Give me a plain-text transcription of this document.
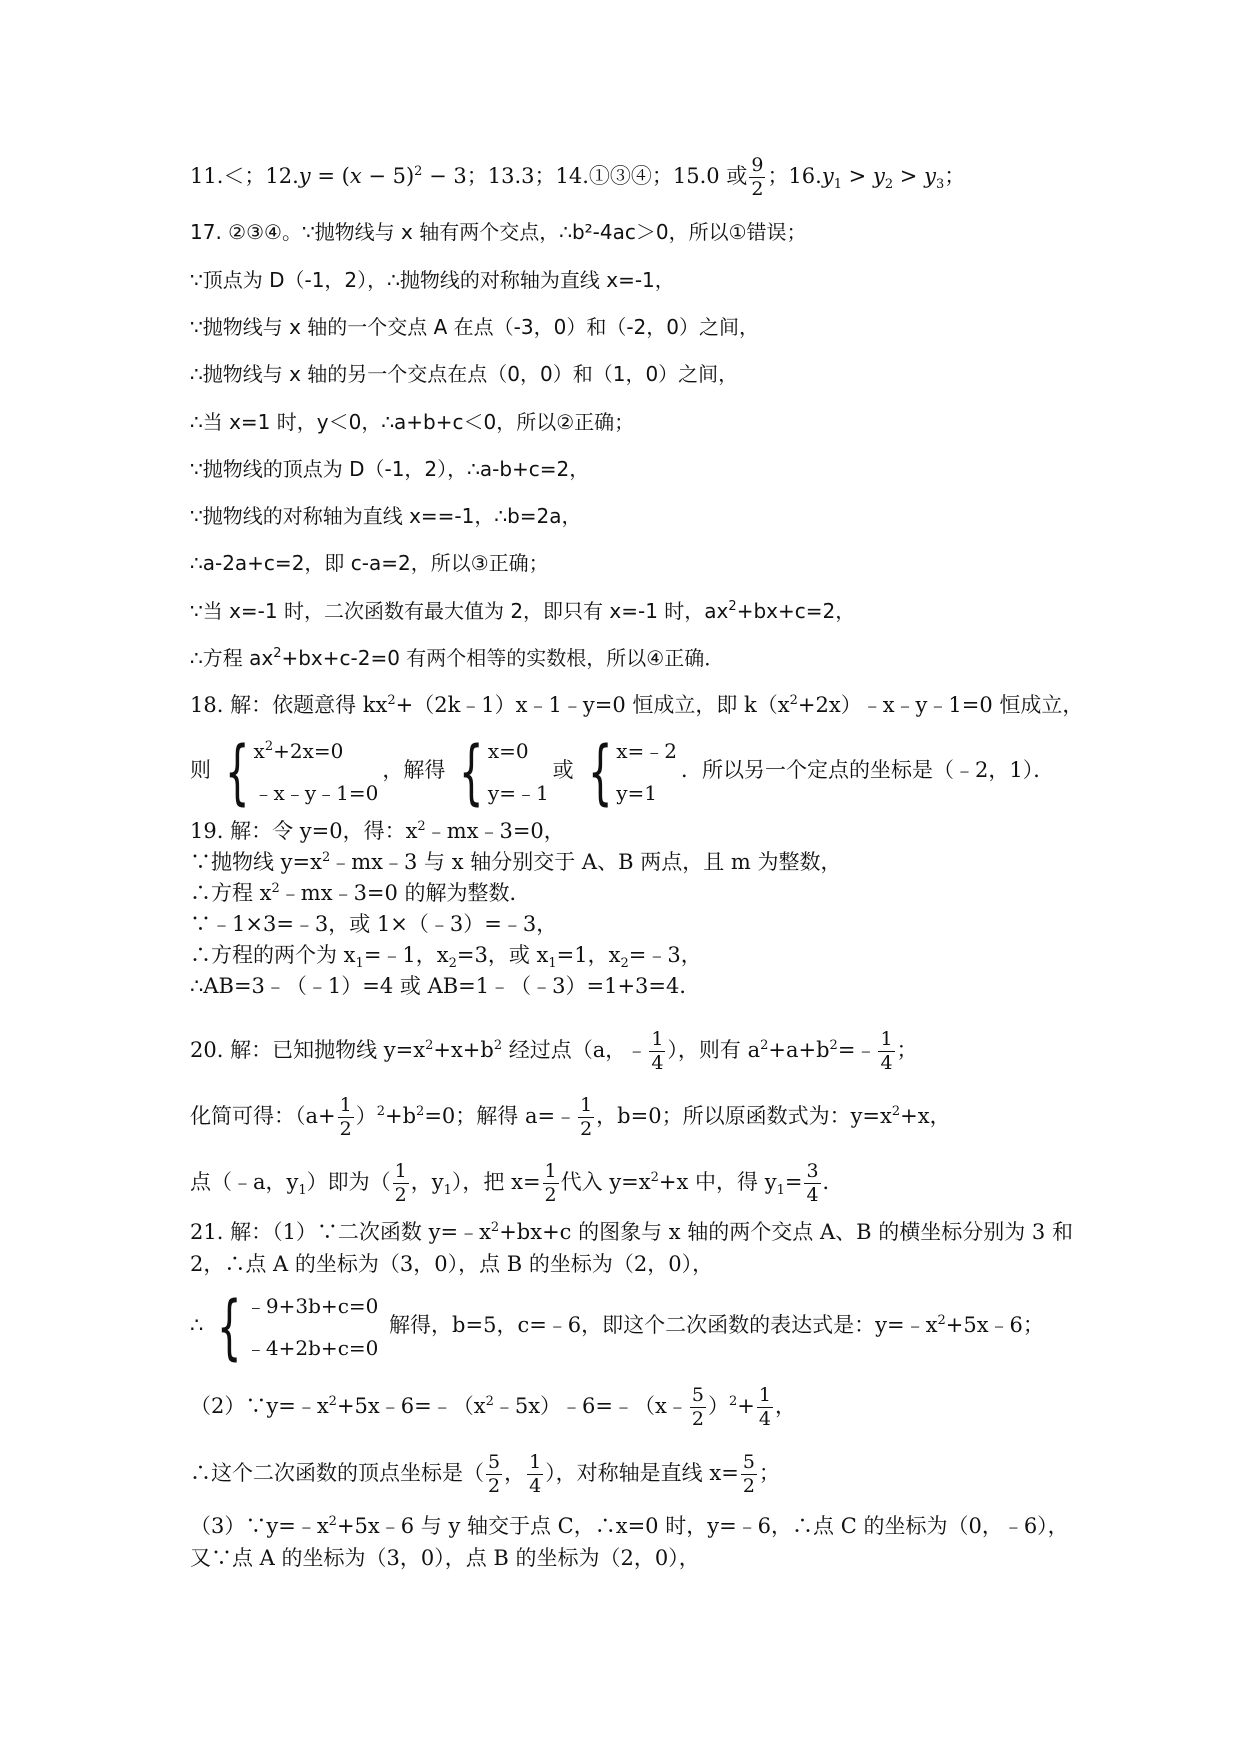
11.＜；$12.y = (x - 5)^2 - 3$；13.3；14.①③④；15.0 或 $\frac{9}{2}$ ；$16.y_1 > y_2 > y_3$；
17. ②③④。∵抛物线与 x 轴有两个交点，∴b²-4ac＞0，所以①错误；
∵顶点为 D（-1，2），∴抛物线的对称轴为直线 x=-1，
∵抛物线与 x 轴的一个交点 A 在点（-3，0）和（-2，0）之间，
∴抛物线与 x 轴的另一个交点在点（0，0）和（1，0）之间，
∴当 x=1 时，y＜0，∴a+b+c＜0，所以②正确；
∵抛物线的顶点为 D（-1，2），∴a-b+c=2，
∵抛物线的对称轴为直线 x==-1，∴b=2a，
∴a-2a+c=2，即 c-a=2，所以③正确；
∵当 x=-1 时，二次函数有最大值为 2，即只有 x=-1 时，$ax^2+bx+c=2$，
∴方程 $ax^2+bx+c-2=0$ 有两个相等的实数根，所以④正确．
18. 解：依题意得 $kx^2+(2k﹣1)x﹣1﹣y=0$ 恒成立，即 $k(x^2+2x)﹣x﹣y﹣1=0$ 恒成立，
则 { $x^2+2x=0$
﹣x﹣y﹣1=0
，解得 { x=0
y=﹣1
或 { x=﹣2
y=1
．所以另一个定点的坐标是（﹣2，1）．
19. 解：令 y=0，得：$x^2﹣mx﹣3=0$，
∵抛物线 $y=x^2﹣mx﹣3$ 与 x 轴分别交于 A、B 两点，且 m 为整数，
∴方程 $x^2﹣mx﹣3=0$ 的解为整数．
∵﹣1×3=﹣3，或 1×（﹣3）=﹣3，
∴方程的两个为 $x_1=﹣1$，$x_2=3$，或 $x_1=1$，$x_2=﹣3$，
∴AB=3﹣（﹣1）=4 或 AB=1﹣（﹣3）=1+3=4．
20. 解：已知抛物线 $y=x^2+x+b^2$ 经过点（a，﹣ $\frac{1}{4}$ ），则有 $a^2+a+b^2=﹣ \frac{1}{4}$ ；
化简可得：$(a+ \frac{1}{2} )^2+b^2=0$；解得 a=﹣ $\frac{1}{2}$ ，b=0；所以原函数式为：$y=x^2+x$，
点（﹣a，$y_1$）即为（ $\frac{1}{2}$ ，$y_1$），把 $x= \frac{1}{2}$ 代入 $y=x^2+x$ 中，得 $y_1= \frac{3}{4}$ ．
21. 解：（1）∵二次函数 $y=﹣x^2+bx+c$ 的图象与 x 轴的两个交点 A、B 的横坐标分别为 3 和
2，∴点 A 的坐标为（3，0），点 B 的坐标为（2，0），
∴ { ﹣9+3b+c=0
﹣4+2b+c=0
解得，b=5，c=﹣6，即这个二次函数的表达式是：$y=﹣x^2+5x﹣6$；
$(2)\because y=﹣x^2+5x﹣6=﹣(x^2﹣5x)﹣6=﹣(x﹣ \frac{5}{2} )^2+ \frac{1}{4}$ ，
∴这个二次函数的顶点坐标是（ $\frac{5}{2}$ ， $\frac{1}{4}$ ），对称轴是直线 $x= \frac{5}{2}$ ；
$(3)\because y=﹣x^2+5x﹣6$ 与 y 轴交于点 C，∴x=0 时，y=﹣6，∴点 C 的坐标为（0，﹣6），
又∵点 A 的坐标为（3，0），点 B 的坐标为（2，0），
